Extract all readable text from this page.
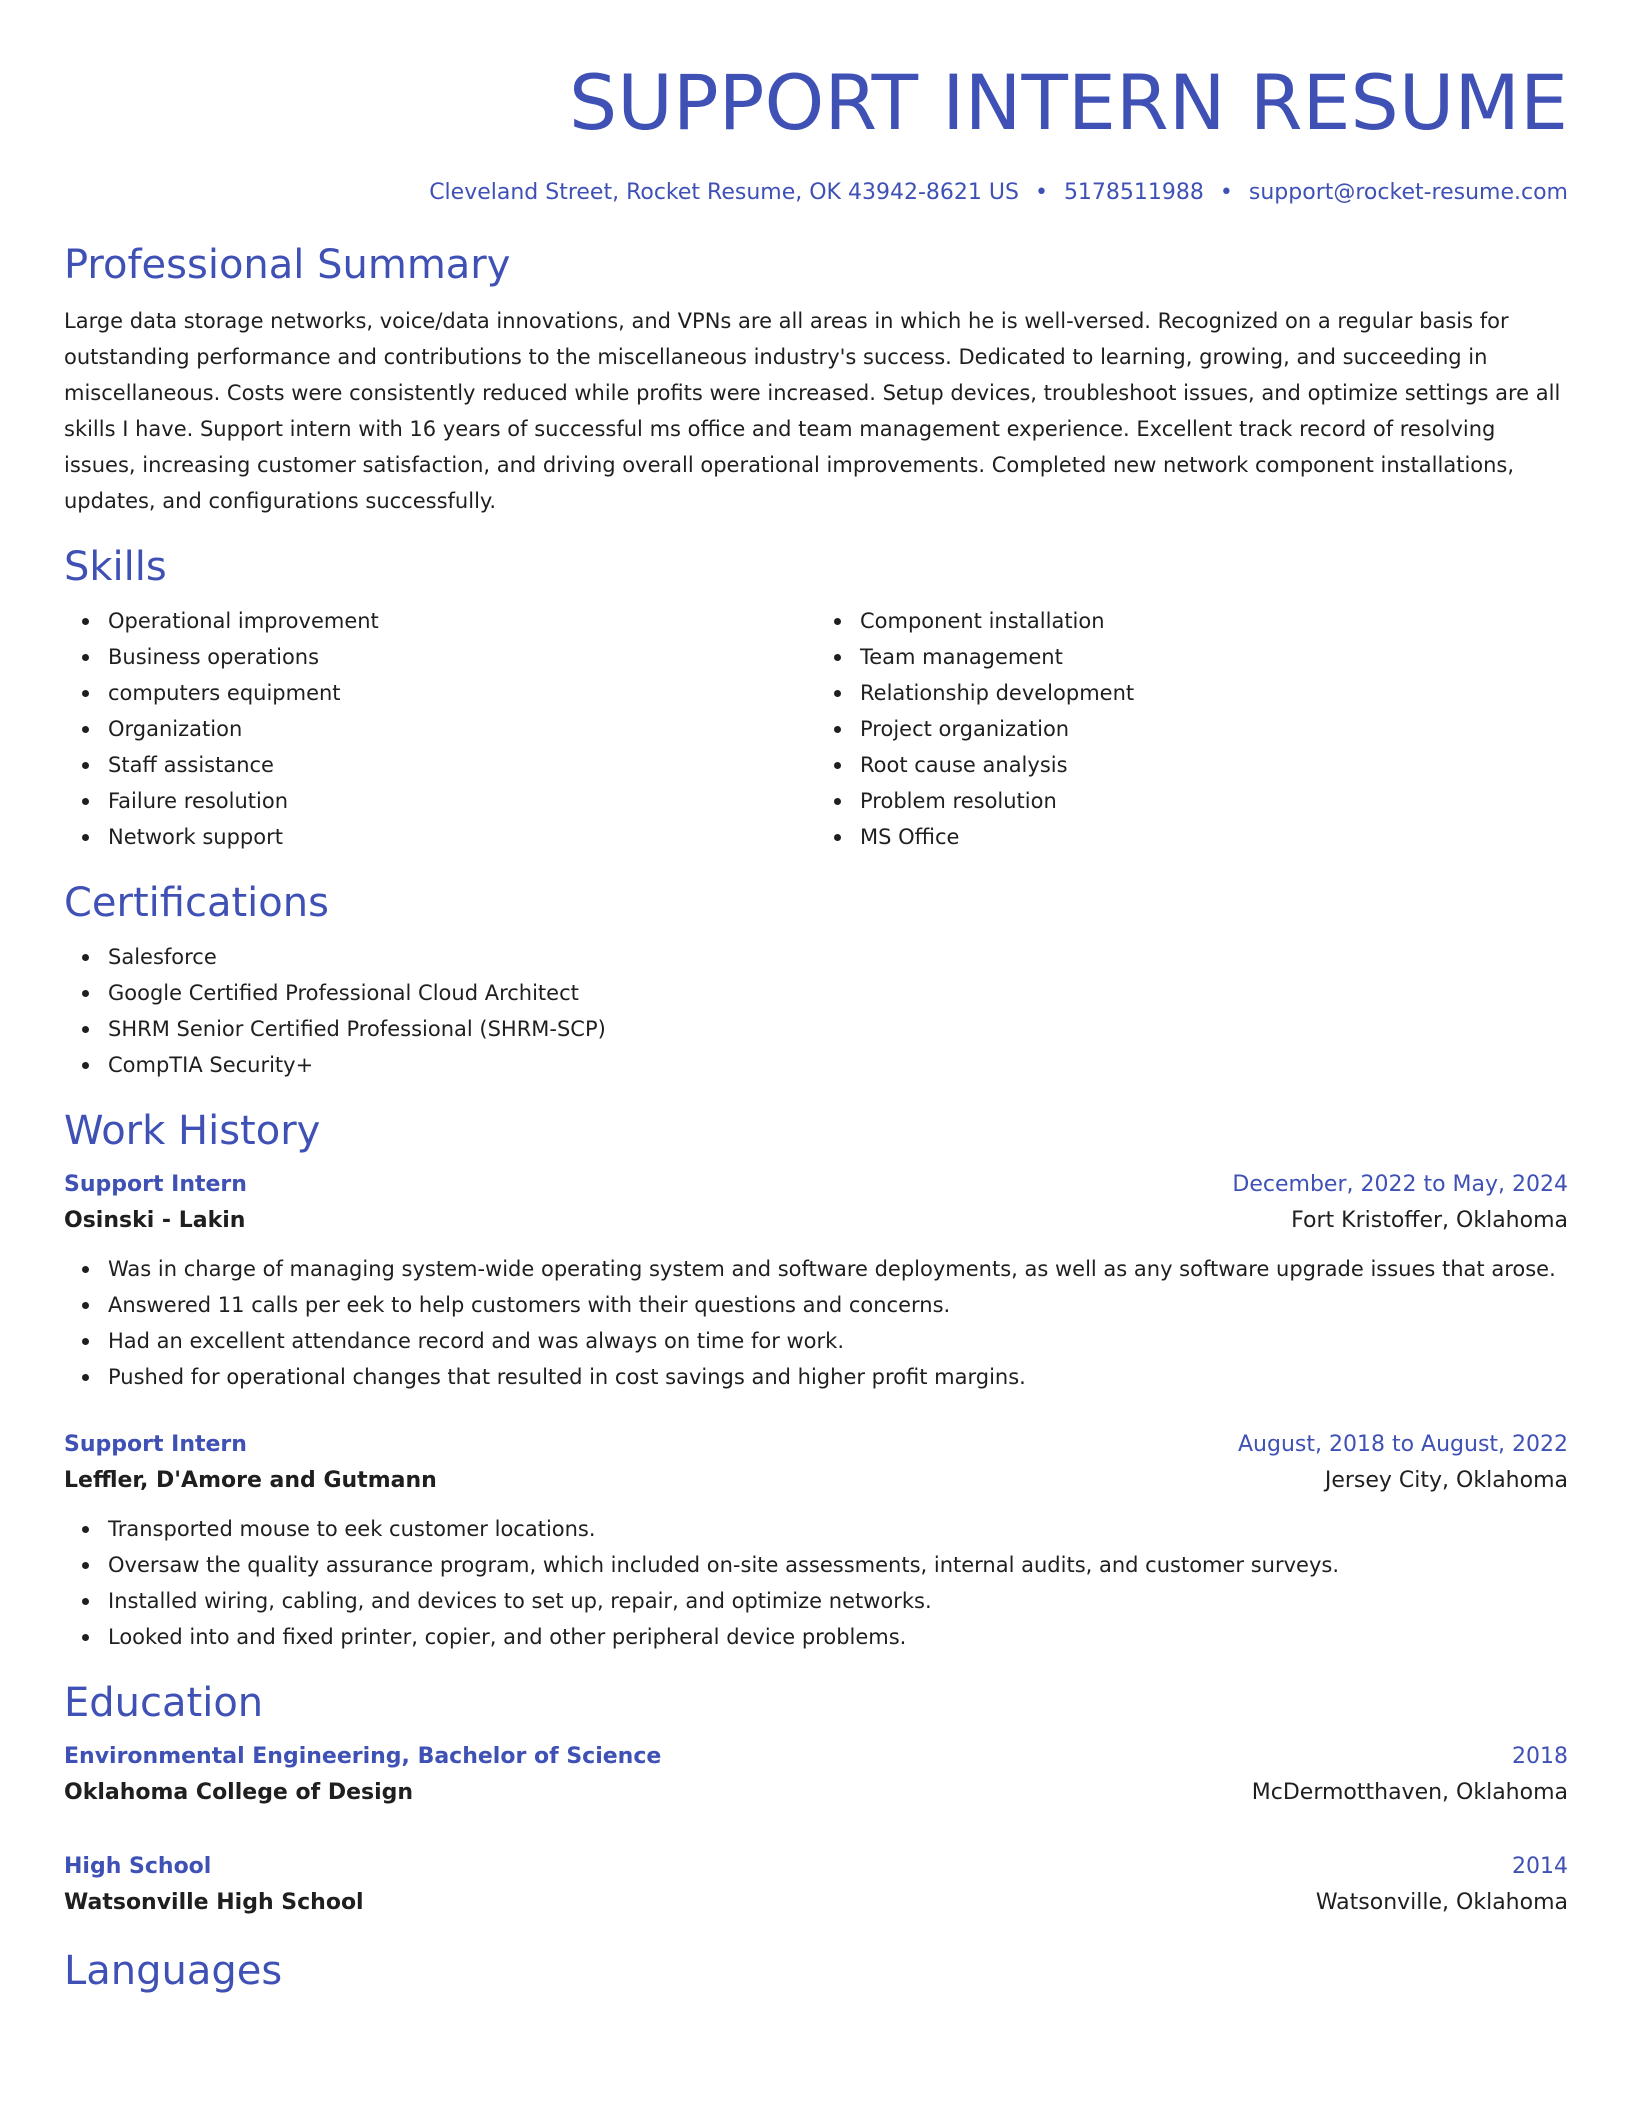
SUPPORT INTERN RESUME
Cleveland Street, Rocket Resume, OK 43942-8621 US • 5178511988 • support@rocket-resume.com
Professional Summary

Large data storage networks, voice/data innovations, and VPNs are all areas in which he is well-versed. Recognized on a regular basis for outstanding performance and contributions to the miscellaneous industry's success. Dedicated to learning, growing, and succeeding in miscellaneous. Costs were consistently reduced while profits were increased. Setup devices, troubleshoot issues, and optimize settings are all skills I have. Support intern with 16 years of successful ms office and team management experience. Excellent track record of resolving issues, increasing customer satisfaction, and driving overall operational improvements. Completed new network component installations, updates, and configurations successfully.

Skills
Operational improvement
Business operations
computers equipment
Organization
Staff assistance
Failure resolution
Network support
Component installation
Team management
Relationship development
Project organization
Root cause analysis
Problem resolution
MS Office
Certifications
Salesforce
Google Certified Professional Cloud Architect
SHRM Senior Certified Professional (SHRM-SCP)
CompTIA Security+
Work History
Support Intern	December, 2022 to May, 2024
Osinski - Lakin	Fort Kristoffer, Oklahoma
Was in charge of managing system-wide operating system and software deployments, as well as any software upgrade issues that arose.
Answered 11 calls per eek to help customers with their questions and concerns.
Had an excellent attendance record and was always on time for work.
Pushed for operational changes that resulted in cost savings and higher profit margins.
Support Intern	August, 2018 to August, 2022
Leffler, D'Amore and Gutmann	Jersey City, Oklahoma
Transported mouse to eek customer locations.
Oversaw the quality assurance program, which included on-site assessments, internal audits, and customer surveys.
Installed wiring, cabling, and devices to set up, repair, and optimize networks.
Looked into and fixed printer, copier, and other peripheral device problems.
Education
Environmental Engineering, Bachelor of Science	2018
Oklahoma College of Design	McDermotthaven, Oklahoma
High School	2014
Watsonville High School	Watsonville, Oklahoma
Languages
